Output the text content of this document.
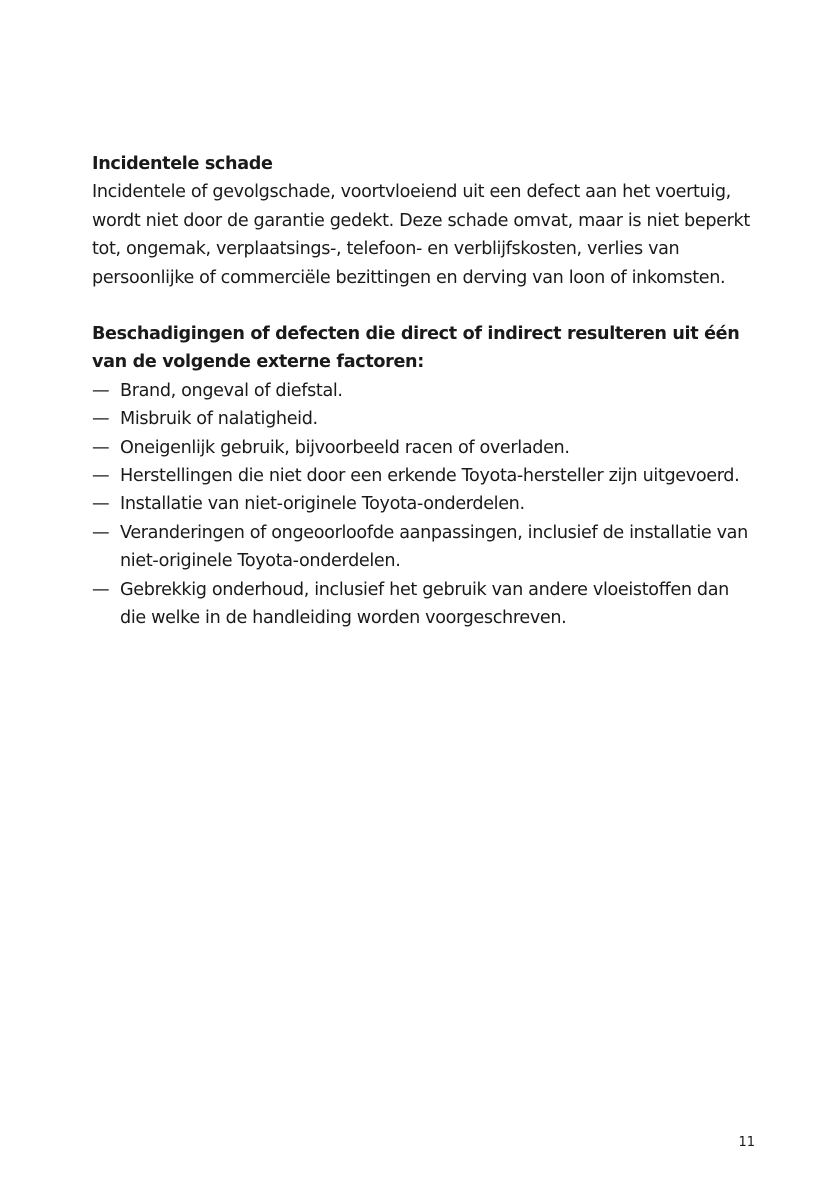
Incidentele schade

Incidentele of gevolgschade, voortvloeiend uit een defect aan het voertuig, wordt niet door de garantie gedekt. Deze schade omvat, maar is niet beperkt tot, ongemak, verplaatsings-, telefoon- en verblijfskosten, verlies van persoonlijke of commerciële bezittingen en derving van loon of inkomsten.

Beschadigingen of defecten die direct of indirect resulteren uit één van de volgende externe factoren:

— Brand, ongeval of diefstal.
— Misbruik of nalatigheid.
— Oneigenlijk gebruik, bijvoorbeeld racen of overladen.
— Herstellingen die niet door een erkende Toyota-hersteller zijn uitgevoerd.
— Installatie van niet-originele Toyota-onderdelen.
— Veranderingen of ongeoorloofde aanpassingen, inclusief de installatie van niet-originele Toyota-onderdelen.
— Gebrekkig onderhoud, inclusief het gebruik van andere vloeistoffen dan die welke in de handleiding worden voorgeschreven.
11
